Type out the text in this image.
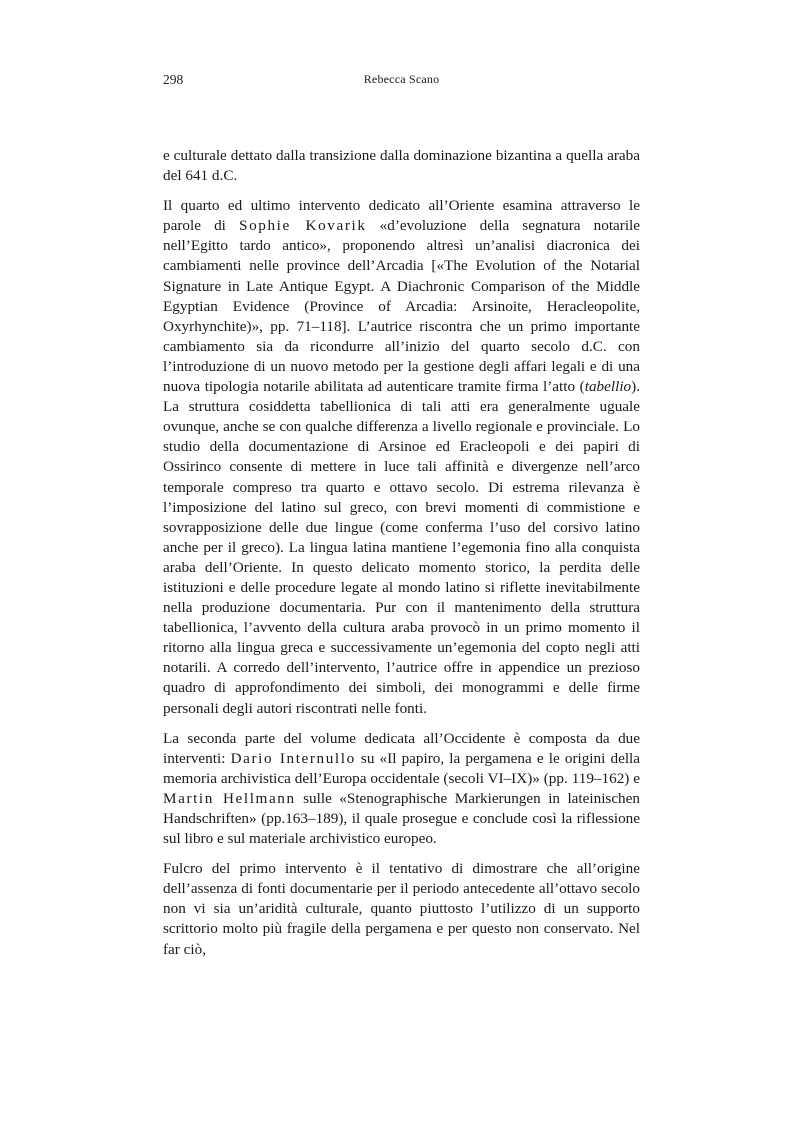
298	Rebecca Scano

e culturale dettato dalla transizione dalla dominazione bizantina a quella araba del 641 d.C.

Il quarto ed ultimo intervento dedicato all’Oriente esamina attraverso le parole di Sophie Kovarik «d’evoluzione della segnatura notarile nell’Egitto tardo antico», proponendo altresì un’analisi diacronica dei cambiamenti nelle province dell’Arcadia [«The Evolution of the Notarial Signature in Late Antique Egypt. A Diachronic Comparison of the Middle Egyptian Evidence (Province of Arcadia: Arsinoite, Heracleopolite, Oxyrhynchite)», pp. 71–118]. L’autrice riscontra che un primo importante cambiamento sia da ricondurre all’inizio del quarto secolo d.C. con l’introduzione di un nuovo metodo per la gestione degli affari legali e di una nuova tipologia notarile abilitata ad autenticare tramite firma l’atto (tabellio). La struttura cosiddetta tabellionica di tali atti era generalmente uguale ovunque, anche se con qualche differenza a livello regionale e provinciale. Lo studio della documentazione di Arsinoe ed Eracleopoli e dei papiri di Ossirinco consente di mettere in luce tali affinità e divergenze nell’arco temporale compreso tra quarto e ottavo secolo. Di estrema rilevanza è l’imposizione del latino sul greco, con brevi momenti di commistione e sovrapposizione delle due lingue (come conferma l’uso del corsivo latino anche per il greco). La lingua latina mantiene l’egemonia fino alla conquista araba dell’Oriente. In questo delicato momento storico, la perdita delle istituzioni e delle procedure legate al mondo latino si riflette inevitabilmente nella produzione documentaria. Pur con il mantenimento della struttura tabellionica, l’avvento della cultura araba provocò in un primo momento il ritorno alla lingua greca e successivamente un’egemonia del copto negli atti notarili. A corredo dell’intervento, l’autrice offre in appendice un prezioso quadro di approfondimento dei simboli, dei monogrammi e delle firme personali degli autori riscontrati nelle fonti.

La seconda parte del volume dedicata all’Occidente è composta da due interventi: Dario Internullo su «Il papiro, la pergamena e le origini della memoria archivistica dell’Europa occidentale (secoli VI–IX)» (pp. 119–162) e Martin Hellmann sulle «Stenographische Markierungen in lateinischen Handschriften» (pp.163–189), il quale prosegue e conclude così la riflessione sul libro e sul materiale archivistico europeo.

Fulcro del primo intervento è il tentativo di dimostrare che all’origine dell’assenza di fonti documentarie per il periodo antecedente all’ottavo secolo non vi sia un’aridità culturale, quanto piuttosto l’utilizzo di un supporto scrittorio molto più fragile della pergamena e per questo non conservato. Nel far ciò,
